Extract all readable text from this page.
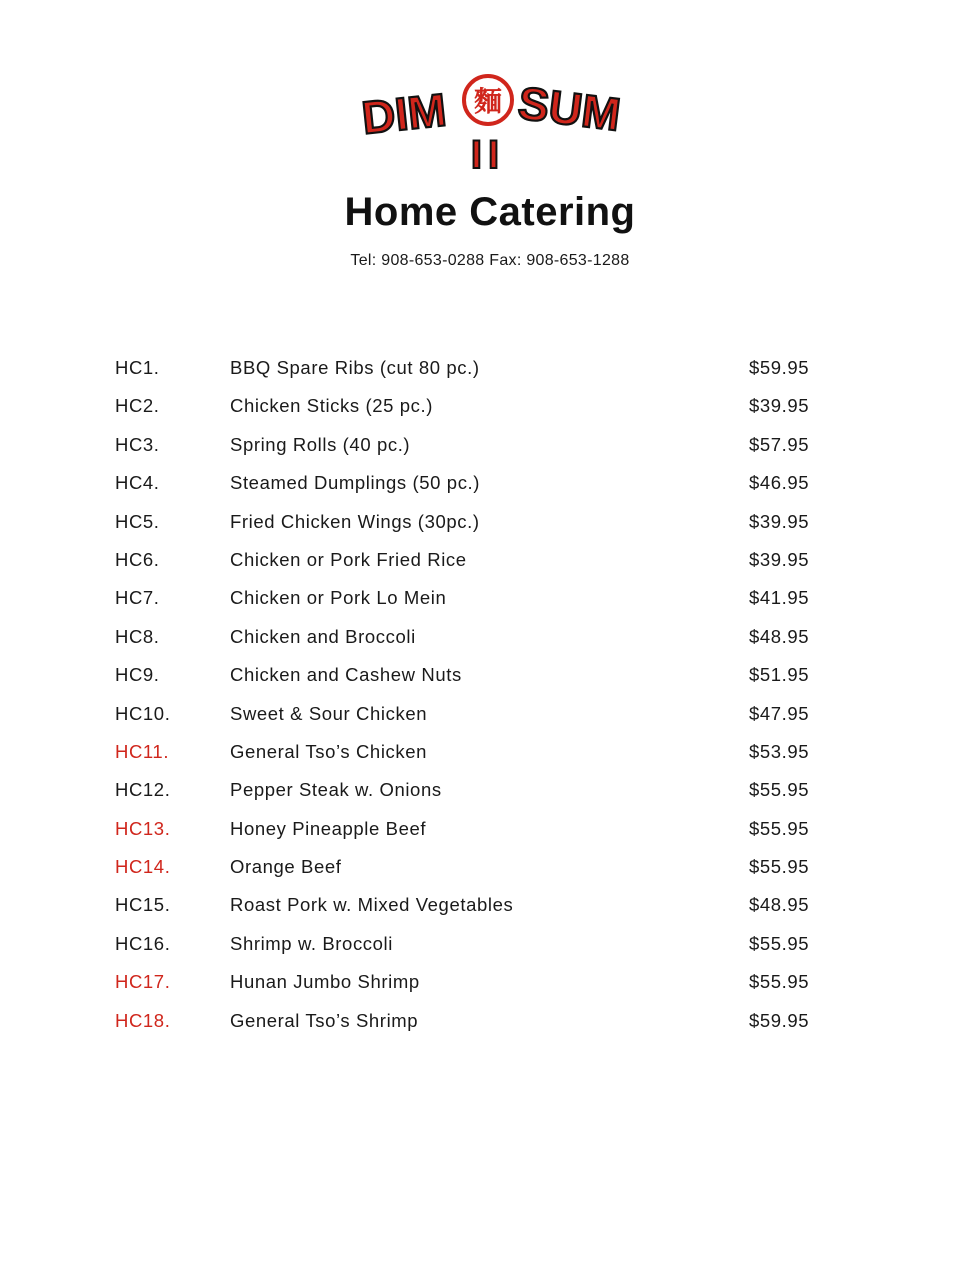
DIM 麵 SUM
II
Home Catering
Tel: 908-653-0288 Fax: 908-653-1288
HC1.	BBQ Spare Ribs (cut 80 pc.)	$59.95
HC2.	Chicken Sticks (25 pc.)	$39.95
HC3.	Spring Rolls (40 pc.)	$57.95
HC4.	Steamed Dumplings (50 pc.)	$46.95
HC5.	Fried Chicken Wings (30pc.)	$39.95
HC6.	Chicken or Pork Fried Rice	$39.95
HC7.	Chicken or Pork Lo Mein	$41.95
HC8.	Chicken and Broccoli	$48.95
HC9.	Chicken and Cashew Nuts	$51.95
HC10.	Sweet & Sour Chicken	$47.95
HC11.	General Tso’s Chicken	$53.95
HC12.	Pepper Steak w. Onions	$55.95
HC13.	Honey Pineapple Beef	$55.95
HC14.	Orange Beef	$55.95
HC15.	Roast Pork w. Mixed Vegetables	$48.95
HC16.	Shrimp w. Broccoli	$55.95
HC17.	Hunan Jumbo Shrimp	$55.95
HC18.	General Tso’s Shrimp	$59.95
